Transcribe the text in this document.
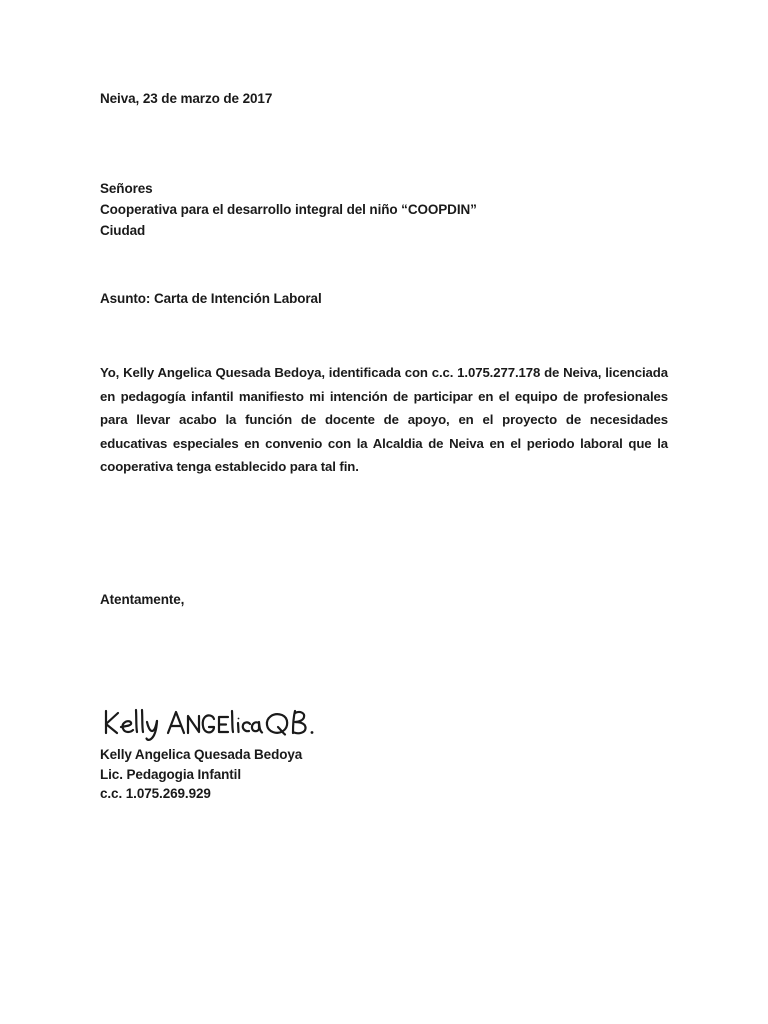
Neiva, 23 de marzo de 2017
Señores
Cooperativa para el desarrollo integral del niño “COOPDIN”
Ciudad
Asunto: Carta de Intención Laboral
Yo, Kelly Angelica Quesada Bedoya, identificada con c.c. 1.075.277.178 de Neiva, licenciada en pedagogía infantil manifiesto mi intención de participar en el equipo de profesionales para llevar acabo la función de docente de apoyo, en el proyecto de necesidades educativas especiales en convenio con la Alcaldia de Neiva en el periodo laboral que la cooperativa tenga establecido para tal fin.
Atentamente,
Kelly Angelica Quesada Bedoya
Lic. Pedagogia Infantil
c.c. 1.075.269.929
